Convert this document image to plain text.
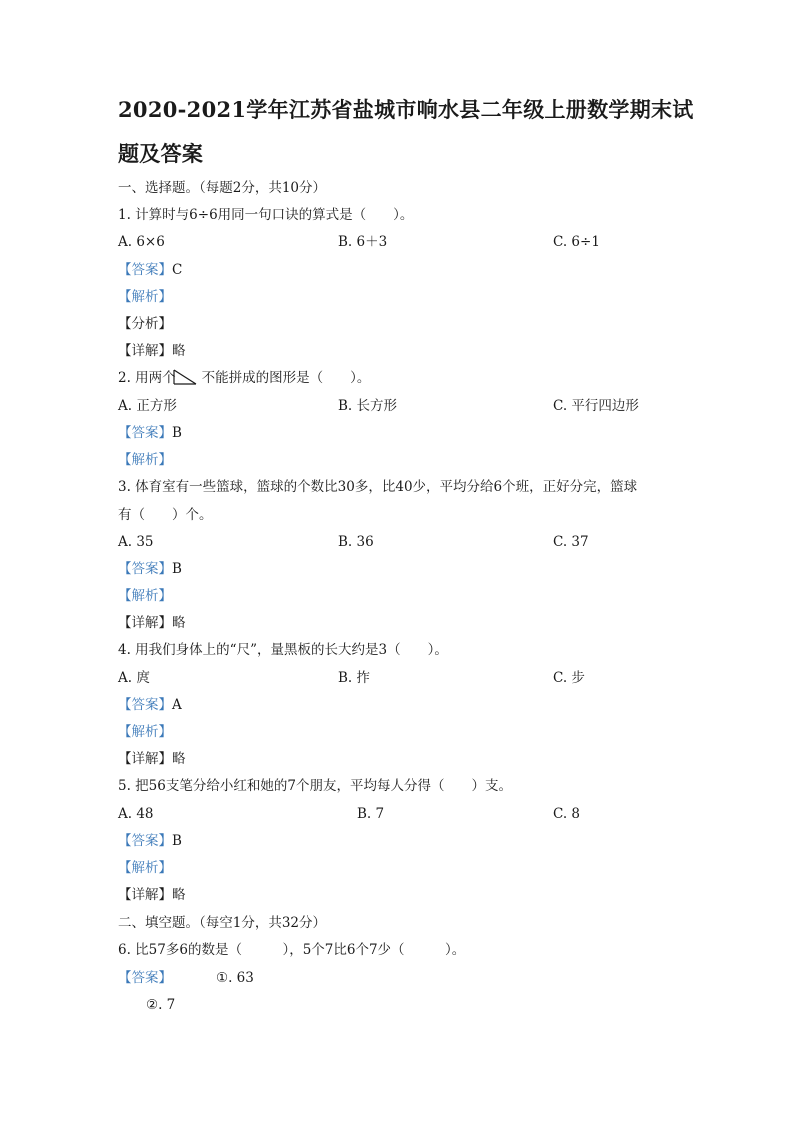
2020-2021学年江苏省盐城市响水县二年级上册数学期末试
题及答案
一、选择题。（每题2分，共10分）
1. 计算时与6÷6用同一句口诀的算式是（　　）。
A. 6×6	B. 6＋3	C. 6÷1
【答案】C
【解析】
【分析】
【详解】略
2. 用两个 不能拼成的图形是（　　）。
A. 正方形	B. 长方形	C. 平行四边形
【答案】B
【解析】
3. 体育室有一些篮球，篮球的个数比30多，比40少，平均分给6个班，正好分完，篮球
有（　　）个。
A. 35	B. 36	C. 37
【答案】B
【解析】
【详解】略
4. 用我们身体上的“尺”，量黑板的长大约是3（　　）。
A. 庹	B. 拃	C. 步
【答案】A
【解析】
【详解】略
5. 把56支笔分给小红和她的7个朋友，平均每人分得（　　）支。
A. 48	B. 7	C. 8
【答案】B
【解析】
【详解】略
二、填空题。（每空1分，共32分）
6. 比57多6的数是（　　　），5个7比6个7少（　　　）。
【答案】	①. 63
②. 7
